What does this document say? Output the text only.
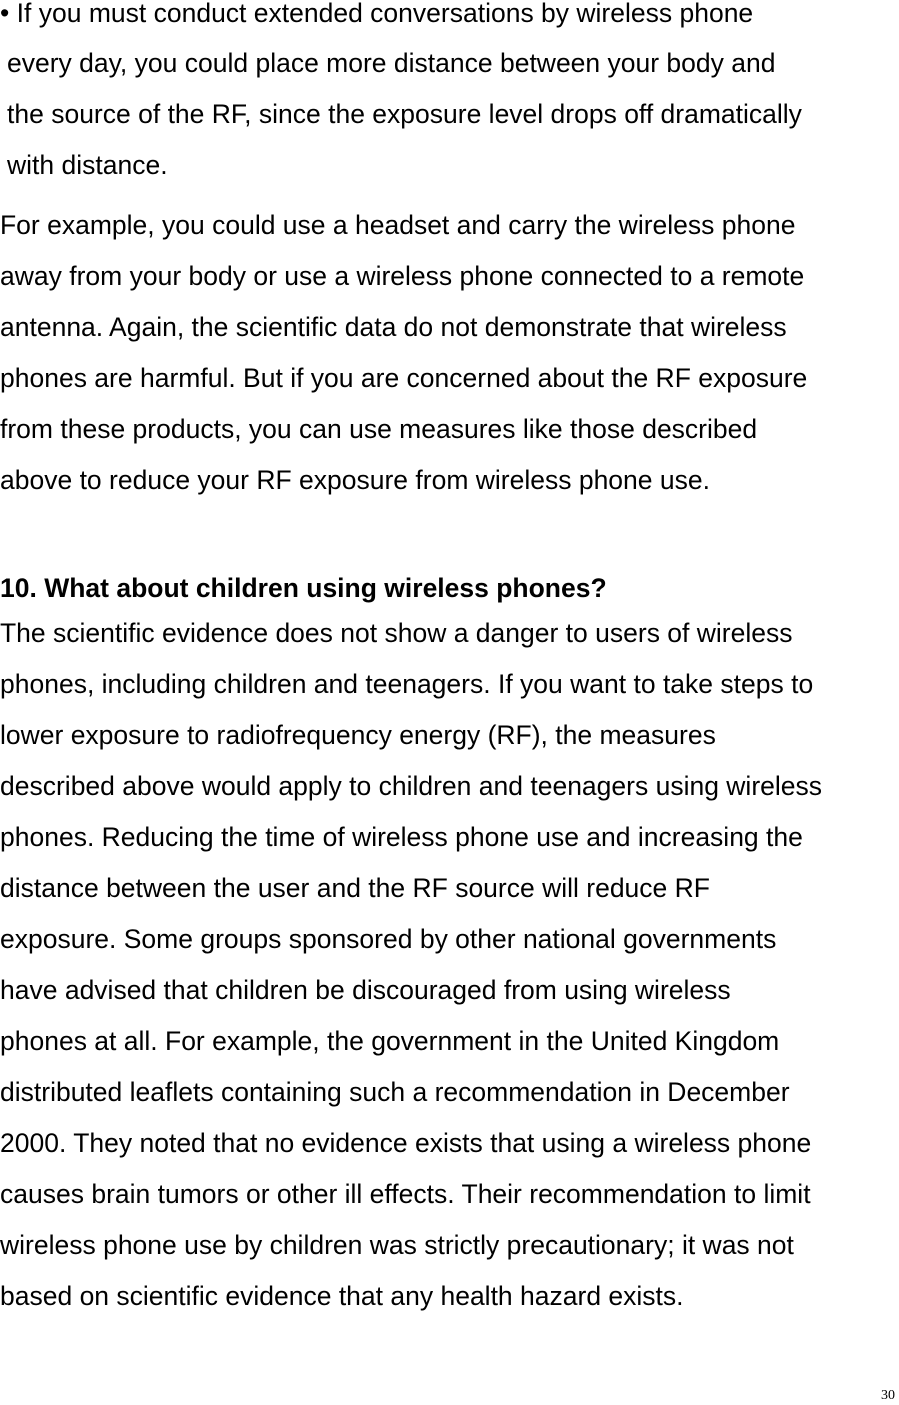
• If you must conduct extended conversations by wireless phone
every day, you could place more distance between your body and
the source of the RF, since the exposure level drops off dramatically
with distance.
For example, you could use a headset and carry the wireless phone
away from your body or use a wireless phone connected to a remote
antenna. Again, the scientific data do not demonstrate that wireless
phones are harmful. But if you are concerned about the RF exposure
from these products, you can use measures like those described
above to reduce your RF exposure from wireless phone use.
10. What about children using wireless phones?
The scientific evidence does not show a danger to users of wireless
phones, including children and teenagers. If you want to take steps to
lower exposure to radiofrequency energy (RF), the measures
described above would apply to children and teenagers using wireless
phones. Reducing the time of wireless phone use and increasing the
distance between the user and the RF source will reduce RF
exposure. Some groups sponsored by other national governments
have advised that children be discouraged from using wireless
phones at all. For example, the government in the United Kingdom
distributed leaflets containing such a recommendation in December
2000. They noted that no evidence exists that using a wireless phone
causes brain tumors or other ill effects. Their recommendation to limit
wireless phone use by children was strictly precautionary; it was not
based on scientific evidence that any health hazard exists.
30
